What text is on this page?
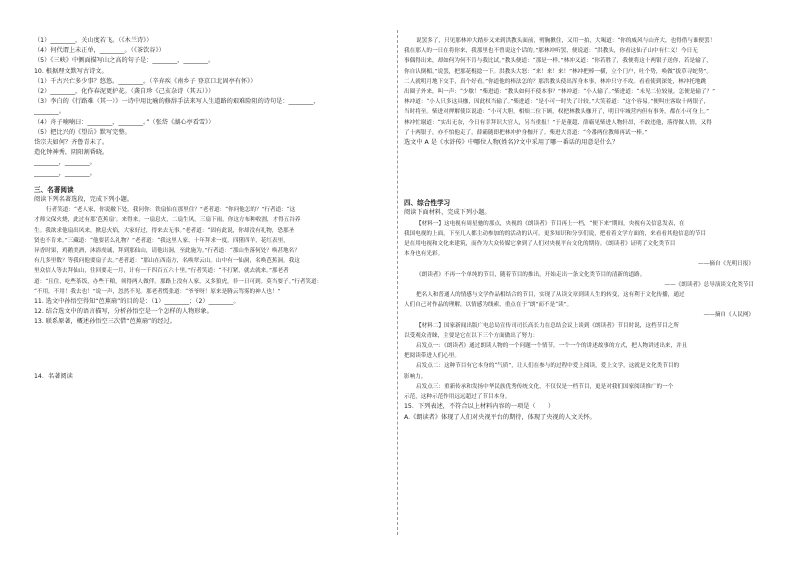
（1）________，关山度若飞。（《木兰诗》）
（4）何代谓上未正单，________。（《茶饮谷》）
（5）《三峡》中侧面描写山之高的句子是：________，________。
10. 根据理文默写古诗文。
（1）千古兴亡多少事？悠悠。________。（辛弃疾《南乡子 登京口北固亭有怀》）
（2）________，化作春泥更护花。（龚自珍《己亥杂诗（其五）》）
（3）李白的《行路难（其一）》一诗中用比喻的修辞手法来写人生道路的艰难险阻的诗句是：________，
________。
（4）舟子喃喃曰：________，________。”（张岱《湖心亭看雪》）
（5）把比兴的《望岳》默写完整。
岱宗夫如何？齐鲁青未了。
造化钟神秀，阴阳割昏晓。
________，________。
________，________。
三、名著阅读
阅读下列名著选段，完成下列小题。
行者笑道：“老人家，你说敝下处。我问你：铁扇仙在那里住？”老者道：“你问他怎的？”行者道：“这
才师父保火烧，此过有那‘芭蕉扇’。来得来，一扇息火，二扇生风，三扇下雨，你这方布种收割，才得五谷养
生。我欲求他扇出风来，掀息火焰，大家好过，得来去无事。”老者道：“固有此说，你却没有礼物，恐那圣
贤也不肯来。”三藏道：“他要甚么礼物？”老者道：“我这里人家，十年拜求一度。四猪四羊，花红表里，
异香时果，鸡鹅美酒，沐浴虔诚，拜到那仙山，请他出洞，至此施为。”行者道：“那山坐落何处？唤甚地名？
有几多里数？等我问他要扇子去。”老者道：“那山在西南方，名唤翠云山。山中有一仙洞，名唤芭蕉洞。我这
里众信人等去拜仙山，往回要走一月，计有一千四百五六十里。”行者笑道：“不打紧，就去就来。”那老者
道：“且住，吃些茶饭，办些干粮，须得两人做伴。那路上没有人家，又多狼虎，非一日可到。莫当耍子。”行者笑道：
“不用，不用！我去也！”说一声，忽然不见。那老者慌张道：“爷爷呀！原来是腾云驾雾的神人也！”
11. 选文中孙悟空得知“芭蕉扇”的目的是：（1）________；（2）________。
12. 结合选文中的语言描写，分析孙悟空是一个怎样的人物形象。
13. 联系原著，概述孙悟空三次借“芭蕉扇”的经过。
14．名著阅读
说罢多了，只见那林冲大踏步又来到洪教头面前，劈胸揪住，又用一拍，大喝道：“你的威风与山齐大，也得借与谁便罢！
我在那人的一日在将你来，我那里也不曾说这个话的。”那林冲听罢，便说道：“洪教头，你看这仙子山中有仁义！今日无
事偶得出来，却如何为何不肯与我比试。”教头便道：“那是一样。”林冲又道：“你若胜了，我便将这十两银子送你，若是输了，
你自认倒楣。”说罢，把那花棍捻一下。洪教头大怒：“来！来！来！”林冲把棒一横，立个门户，吐个势，唤做“拔草寻蛇势”。
二人就明月地下交手，真个好看。”你道他的棒法怎的？那洪教头使出浑身本事，林冲只守不攻。看看使到深处，林冲托地跳
出圈子外来，叫一声：“少歇！”柴进道：“教头如何不使本事？”林冲道：“小人输了。”柴进道：“未见二位较量，怎便是输了？”
林冲道：“小人只多这具枷，因此权当输了。”柴进道：“是小可一时失了计较。”大笑着道：“这个容易。”便叫庄客取十两银子，
当时将至。柴进对押解使臣说道：“小可大胆，相烦二位下顾，权把林教头枷开了，明日牢城营内但有事务，都在小可身上。”
林冲忙谢道：“实出无奈，今日有幸拜识大官人，另当重报！”于是董超、薛霸见柴进人物轩昂，不敢违他，落得做人情，又得
了十两银子，亦不怕他走了，薛霸随即把林冲护身枷开了。柴进大喜道：“今番两位教师再试一棒。”
选文中 A 是《水浒传》中哪位人物(姓名)?文中采用了哪一番话的用意是什么？
四、综合性学习
阅读下面材料，完成下列小题。
【材料一】这电视有周星驰的那点，央视的《朗读者》节目再上一档，“便下来”期间，央视有关信息发表，在
我国电视的上面，下至几人都主动参加的的活动的认可。更多知识和分享们说，把看着文学方面的，来看看其他信息的节目
是在用电视和文化来建筑，而作为大众传媒它拿到了人们对央视平台文化的期待。《朗读者》证明了文化类节目
本身也有光彩。
——摘自《光明日报》
《朗读者》不再一个单纯的节目，随着节目的推出，开始走出一条文化类节目的清新的道路。
——《朗读者》总导演谈文化类节目
把名人和普通人的情感与文学作品相结合的节目，实现了从读文章到读人生的转变，这有利于文化传播，通过
人们自己对作品的理解，以情感为线索，重点在于“朗”而不是“读”。
——摘自《人民网》
【材料二】国家新闻出版广电总局宣传司司长高长力在总结会议上谈到《朗读者》节目时说，这档节目之所
以受观众青睐，主要是它在以下三个方面做出了努力：
启发点一：《朗读者》通过朗读人物的一个问题一个情节，一个一个的讲述故事的方式，把人物讲述出来，并且
把阅读带进人们心里。
启发点二：这种节目有它本身的“气质”，让人们在参与的过程中爱上阅读，爱上文学，这就是文化类节目的
影响力。
启发点三：重新传承和发扬中华民族优秀传统文化，不仅仅是一档节目，更是对我们国家阅读推广的一个
示范，这种示范作用远远超过了节目本身。
15．下列表述，不符合以上材料内容的一项是（　　）
A.《朗读者》体现了人们对央视平台的期待，体现了央视的人文关怀。
